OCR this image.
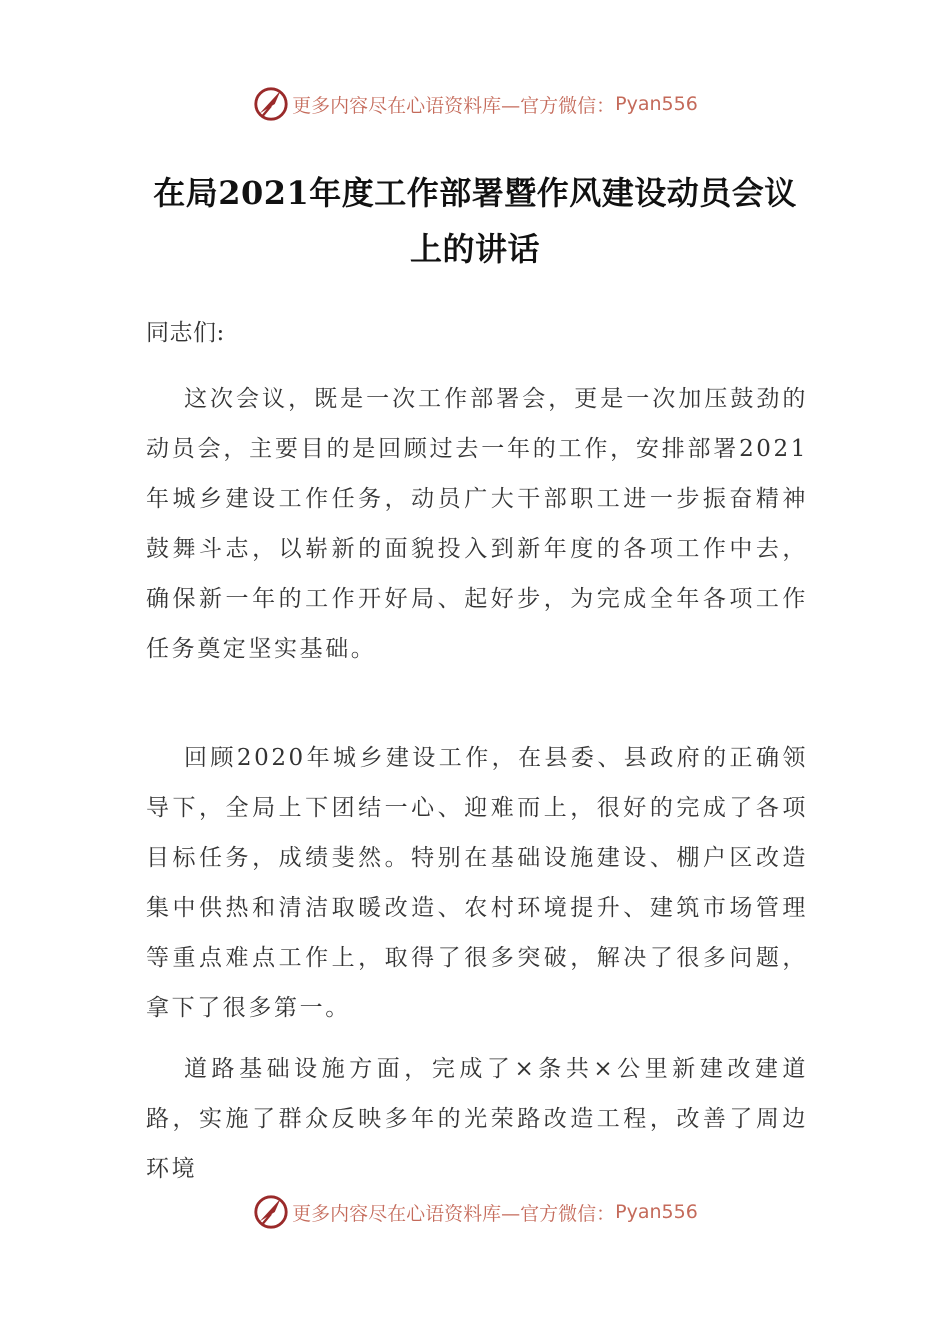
更多内容尽在心语资料库—官方微信： Pyan556
在局2021年度工作部署暨作风建设动员会议上的讲话

同志们:

这次会议，既是一次工作部署会，更是一次加压鼓劲的动员会，主要目的是回顾过去一年的工作，安排部署2021年城乡建设工作任务，动员广大干部职工进一步振奋精神鼓舞斗志，以崭新的面貌投入到新年度的各项工作中去，确保新一年的工作开好局、起好步，为完成全年各项工作任务奠定坚实基础。

回顾2020年城乡建设工作，在县委、县政府的正确领导下，全局上下团结一心、迎难而上，很好的完成了各项目标任务，成绩斐然。特别在基础设施建设、棚户区改造集中供热和清洁取暖改造、农村环境提升、建筑市场管理等重点难点工作上，取得了很多突破，解决了很多问题，拿下了很多第一。

道路基础设施方面，完成了×条共×公里新建改建道路，实施了群众反映多年的光荣路改造工程，改善了周边环境

更多内容尽在心语资料库—官方微信： Pyan556
